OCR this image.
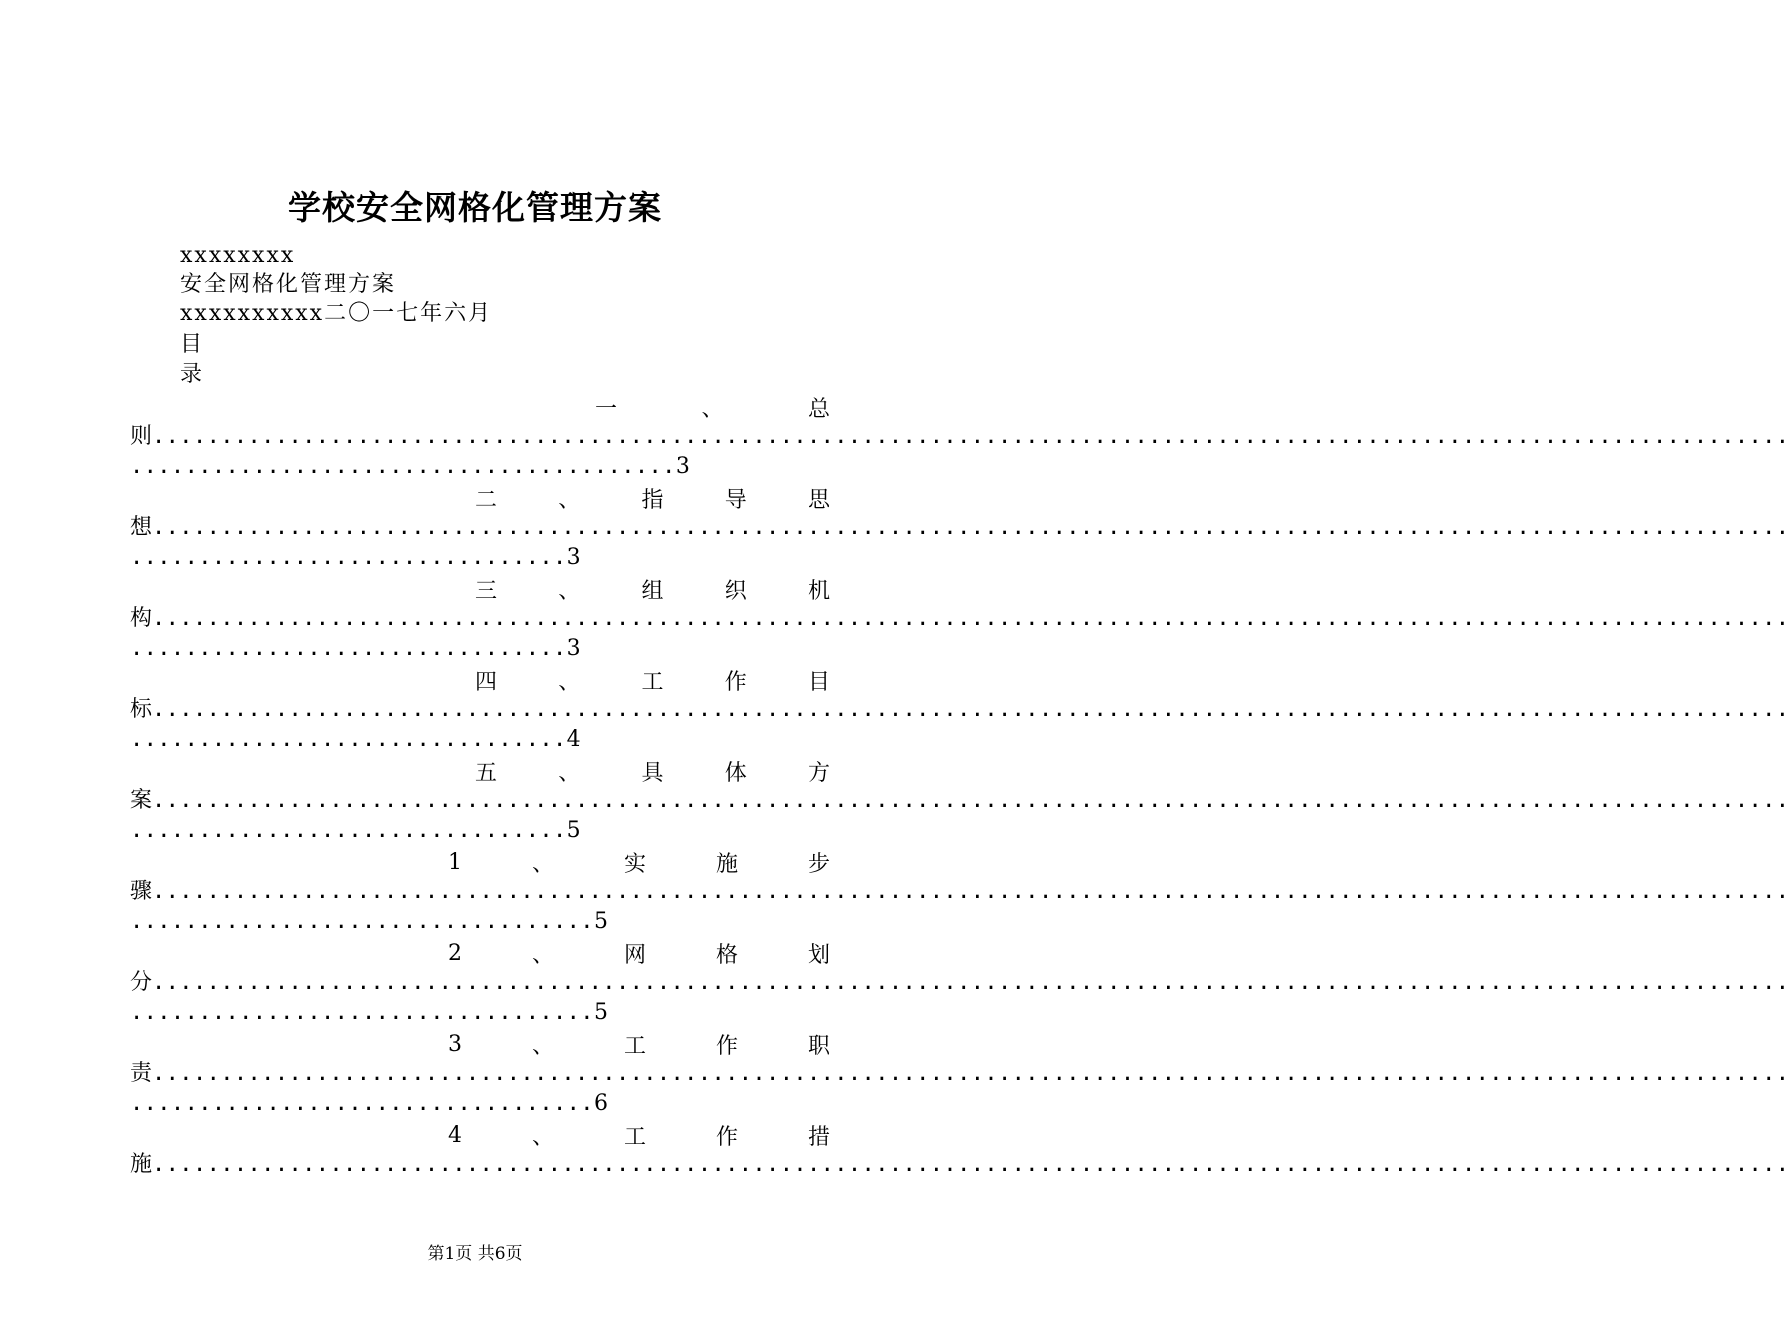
学校安全网格化管理方案
xxxxxxxx
安全网格化管理方案
xxxxxxxxxx二〇一七年六月
目
录
一	、	总
则........................................................................................................................
........................................3
二	、	指	导	思
想........................................................................................................................
................................3
三	、	组	织	机
构........................................................................................................................
................................3
四	、	工	作	目
标........................................................................................................................
................................4
五	、	具	体	方
案........................................................................................................................
................................5
1	、	实	施	步
骤........................................................................................................................
..................................5
2	、	网	格	划
分........................................................................................................................
..................................5
3	、	工	作	职
责........................................................................................................................
..................................6
4	、	工	作	措
施........................................................................................................................
第1页 共6页
